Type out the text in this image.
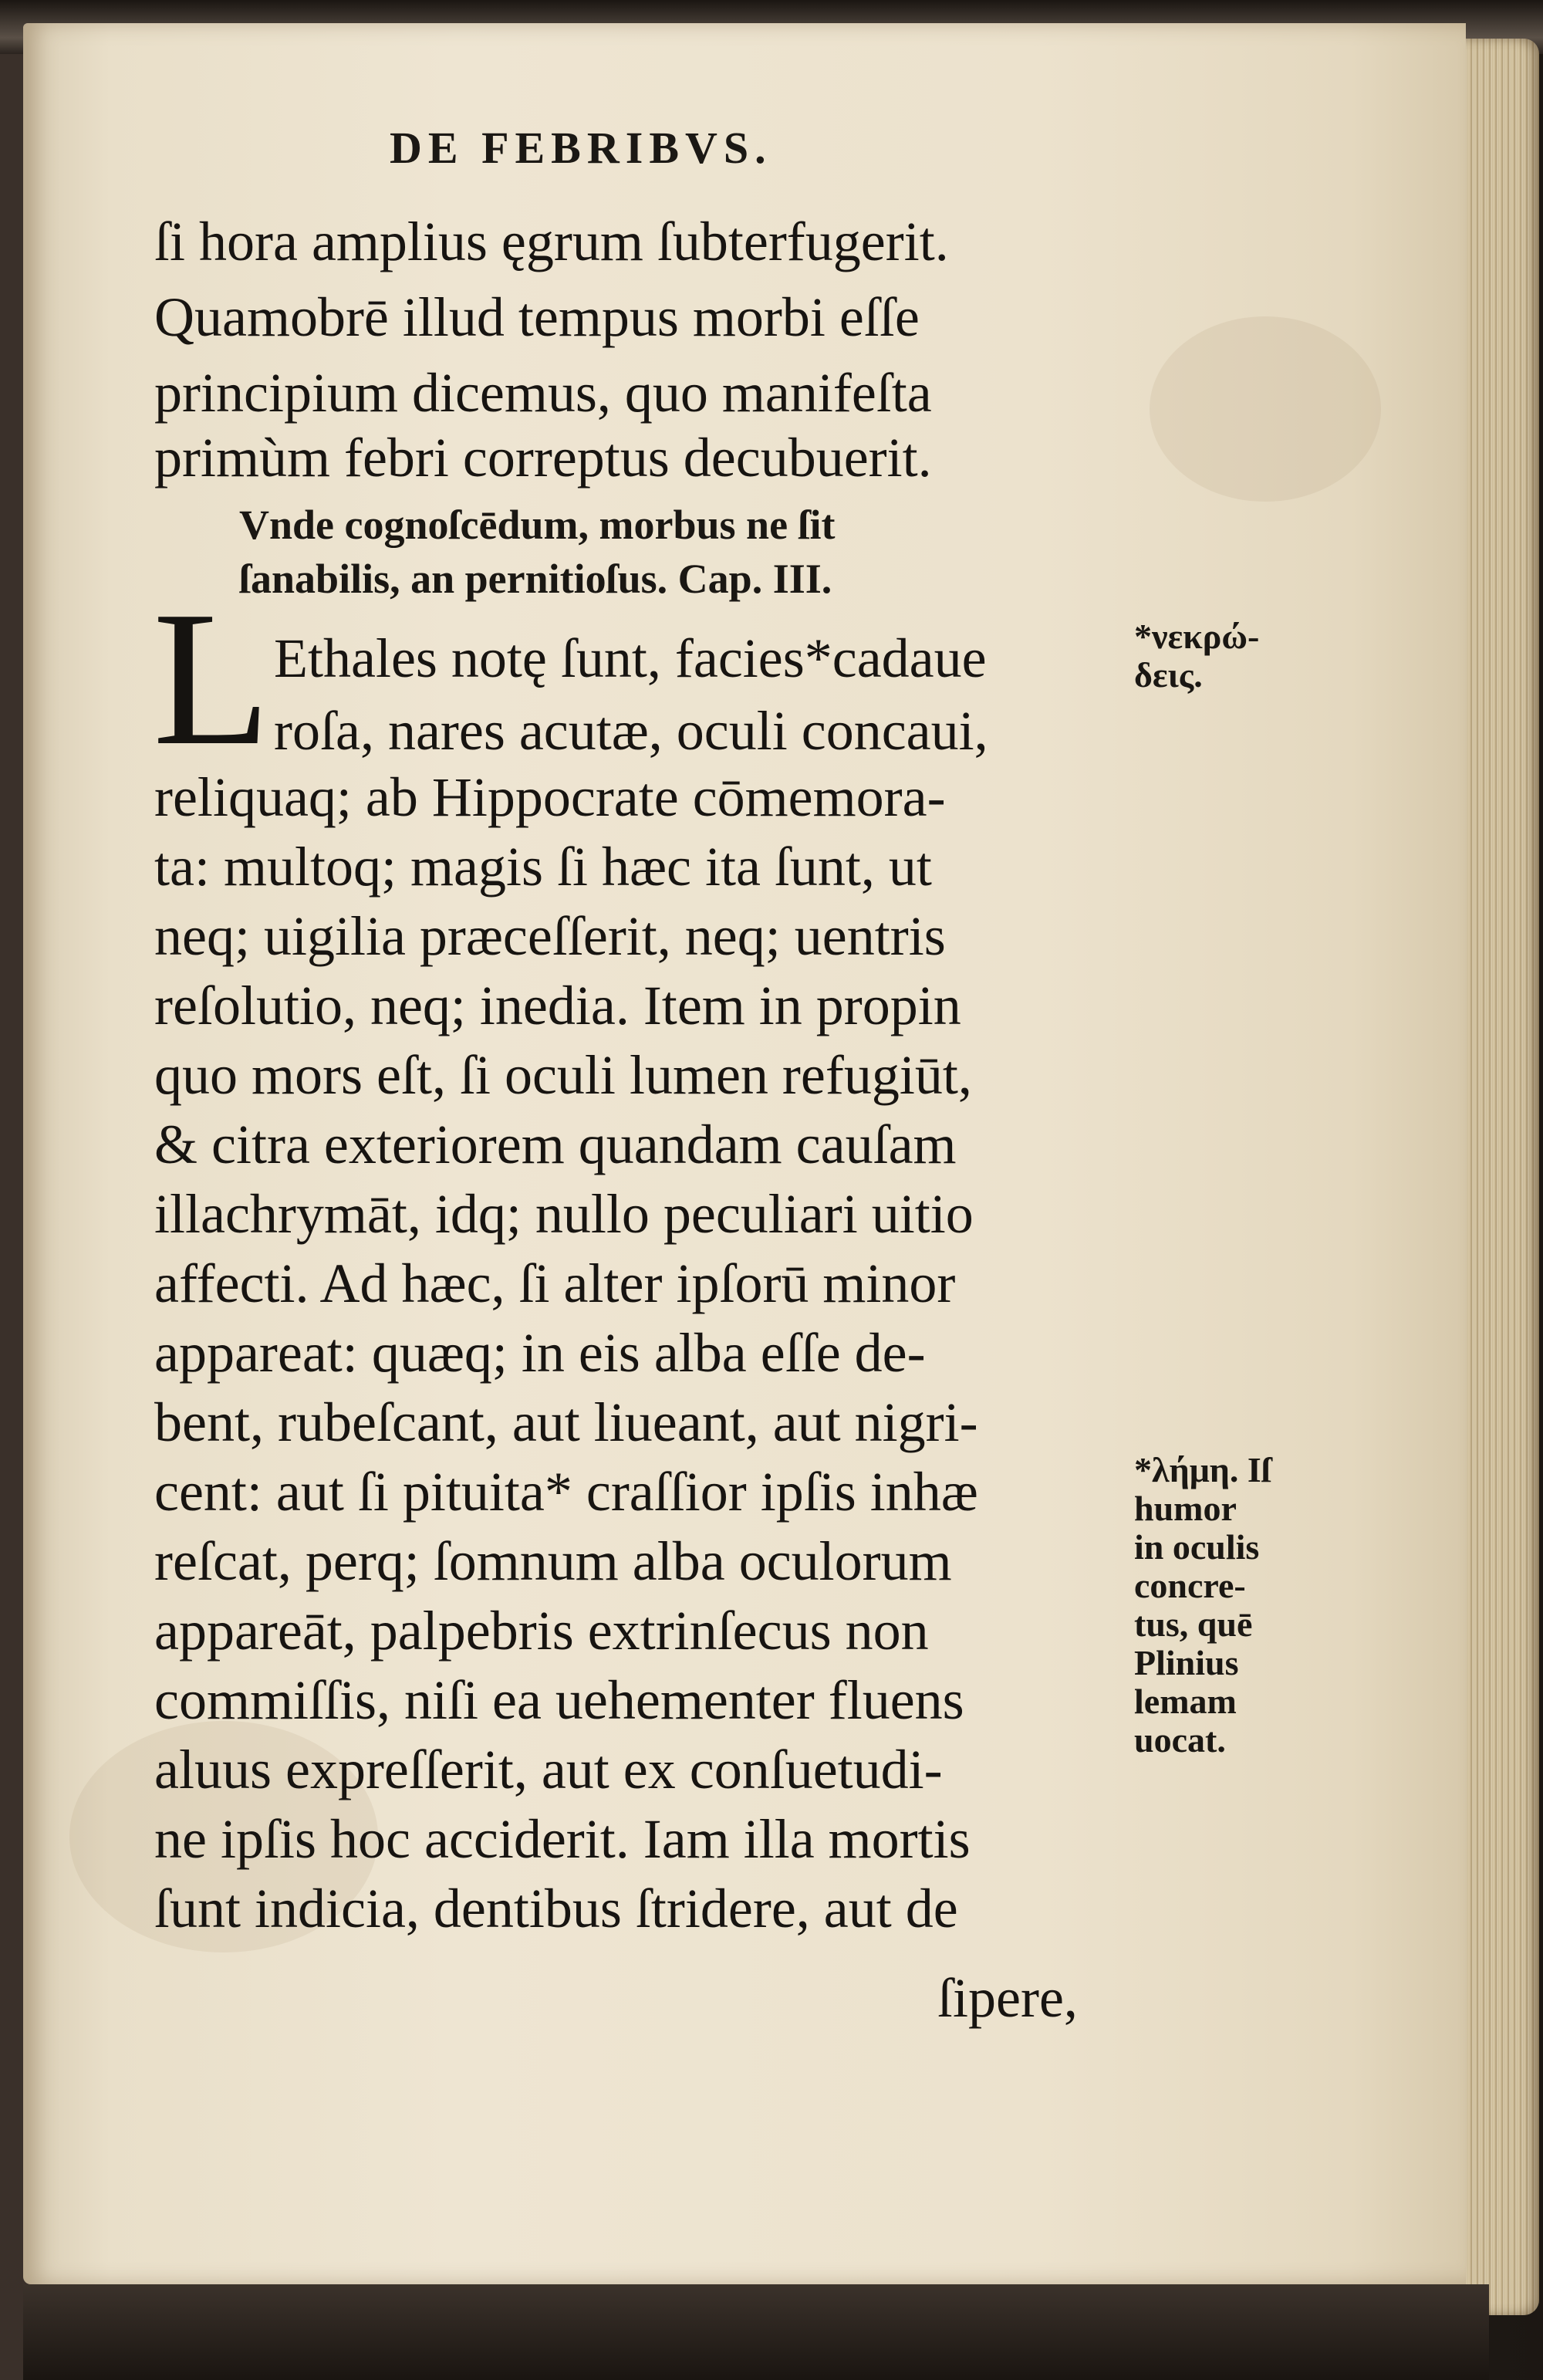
DE FEBRIBVS.
ſi hora amplius ęgrum ſubterfugerit.
Quamobrē illud tempus morbi eſſe
principium dicemus, quo manifeſta
primùm febri correptus decubuerit.
Vnde cognoſcēdum, morbus ne ſit
ſanabilis, an pernitioſus. Cap. III.
L Ethales notę ſunt, facies*cadaue
roſa, nares acutæ, oculi concaui,
reliquaq; ab Hippocrate cōmemora-
ta: multoq; magis ſi hæc ita ſunt, ut
neq; uigilia præceſſerit, neq; uentris
reſolutio, neq; inedia. Item in propin
quo mors eſt, ſi oculi lumen refugiūt,
& citra exteriorem quandam cauſam
illachrymāt, idq; nullo peculiari uitio
affecti. Ad hæc, ſi alter ipſorū minor
appareat: quæq; in eis alba eſſe de-
bent, rubeſcant, aut liueant, aut nigri-
cent: aut ſi pituita* craſſior ipſis inhæ
reſcat, perq; ſomnum alba oculorum
appareāt, palpebris extrinſecus non
commiſſis, niſi ea uehementer fluens
aluus expreſſerit, aut ex conſuetudi-
ne ipſis hoc acciderit. Iam illa mortis
ſunt indicia, dentibus ſtridere, aut de
ſipere,
*νεκρώ-
δεις.
*λήμη. Iſ
humor
in oculis
concre-
tus, quē
Plinius
lemam
uocat.
